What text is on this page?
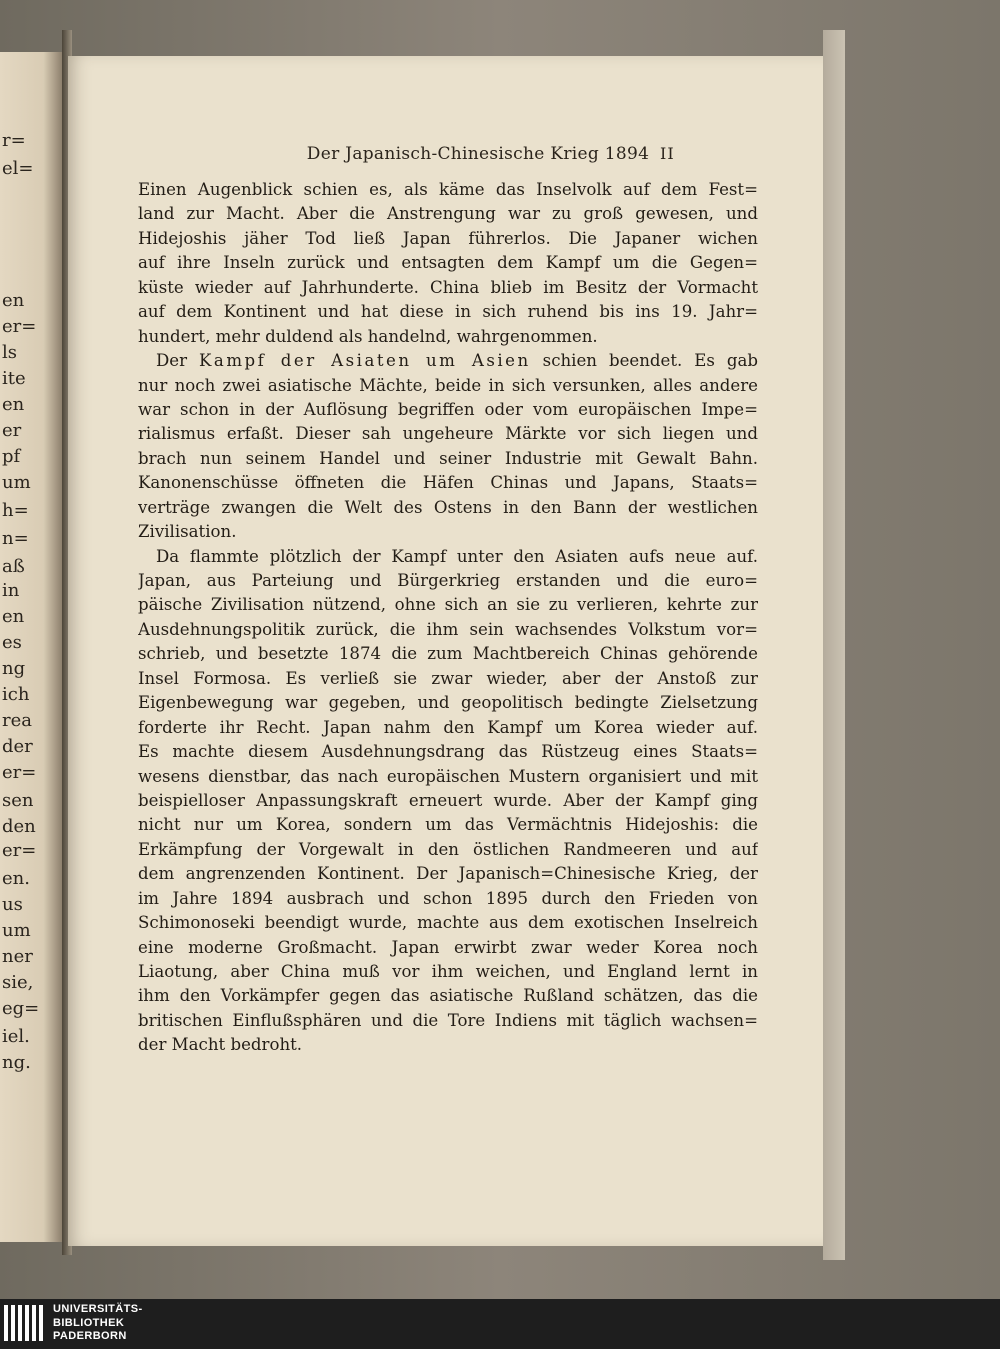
r=
el=
en
er=
ls
ite
en
er
pf
um
h=
n=
aß
in
en
es
ng
ich
rea
der
er=
sen
den
er=
en.
us
um
ner
sie,
eg=
iel.
ng.
Der Japanisch-Chinesische Krieg 1894 II
Einen Augenblick schien es, als käme das Inselvolk auf dem Fest=
land zur Macht. Aber die Anstrengung war zu groß gewesen, und
Hidejoshis jäher Tod ließ Japan führerlos. Die Japaner wichen
auf ihre Inseln zurück und entsagten dem Kampf um die Gegen=
küste wieder auf Jahrhunderte. China blieb im Besitz der Vormacht
auf dem Kontinent und hat diese in sich ruhend bis ins 19. Jahr=
hundert, mehr duldend als handelnd, wahrgenommen.
Der Kampf der Asiaten um Asien schien beendet. Es gab
nur noch zwei asiatische Mächte, beide in sich versunken, alles andere
war schon in der Auflösung begriffen oder vom europäischen Impe=
rialismus erfaßt. Dieser sah ungeheure Märkte vor sich liegen und
brach nun seinem Handel und seiner Industrie mit Gewalt Bahn.
Kanonenschüsse öffneten die Häfen Chinas und Japans, Staats=
verträge zwangen die Welt des Ostens in den Bann der westlichen
Zivilisation.
Da flammte plötzlich der Kampf unter den Asiaten aufs neue auf.
Japan, aus Parteiung und Bürgerkrieg erstanden und die euro=
päische Zivilisation nützend, ohne sich an sie zu verlieren, kehrte zur
Ausdehnungspolitik zurück, die ihm sein wachsendes Volkstum vor=
schrieb, und besetzte 1874 die zum Machtbereich Chinas gehörende
Insel Formosa. Es verließ sie zwar wieder, aber der Anstoß zur
Eigenbewegung war gegeben, und geopolitisch bedingte Zielsetzung
forderte ihr Recht. Japan nahm den Kampf um Korea wieder auf.
Es machte diesem Ausdehnungsdrang das Rüstzeug eines Staats=
wesens dienstbar, das nach europäischen Mustern organisiert und mit
beispielloser Anpassungskraft erneuert wurde. Aber der Kampf ging
nicht nur um Korea, sondern um das Vermächtnis Hidejoshis: die
Erkämpfung der Vorgewalt in den östlichen Randmeeren und auf
dem angrenzenden Kontinent. Der Japanisch=Chinesische Krieg, der
im Jahre 1894 ausbrach und schon 1895 durch den Frieden von
Schimonoseki beendigt wurde, machte aus dem exotischen Inselreich
eine moderne Großmacht. Japan erwirbt zwar weder Korea noch
Liaotung, aber China muß vor ihm weichen, und England lernt in
ihm den Vorkämpfer gegen das asiatische Rußland schätzen, das die
britischen Einflußsphären und die Tore Indiens mit täglich wachsen=
der Macht bedroht.
UNIVERSITÄTS-
BIBLIOTHEK
PADERBORN
